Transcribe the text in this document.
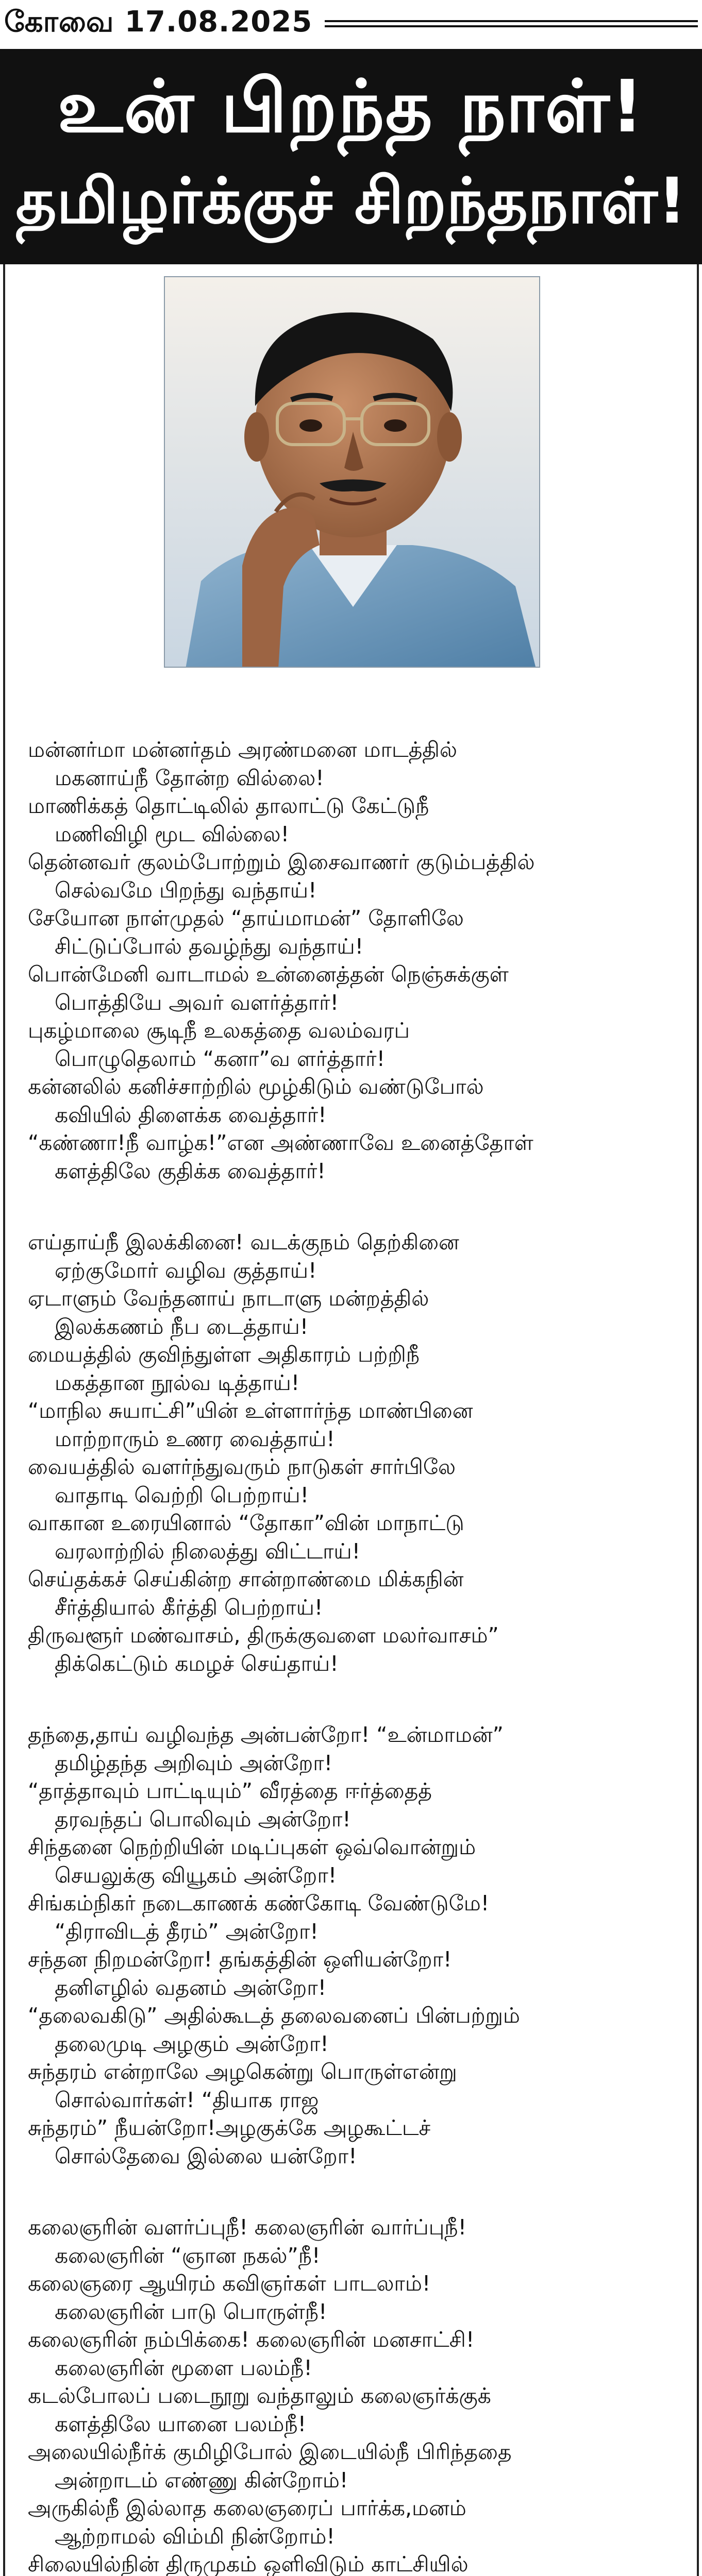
கோவை 17.08.2025
உன் பிறந்த நாள்!
தமிழர்க்குச் சிறந்தநாள்!
மன்னர்மா மன்னர்தம் அரண்மனை மாடத்தில்
மகனாய்நீ தோன்ற வில்லை!
மாணிக்கத் தொட்டிலில் தாலாட்டு கேட்டுநீ
மணிவிழி மூட வில்லை!
தென்னவர் குலம்போற்றும் இசைவாணர் குடும்பத்தில்
செல்வமே பிறந்து வந்தாய்!
சேயோன நாள்முதல் “தாய்மாமன்” தோளிலே
சிட்டுப்போல் தவழ்ந்து வந்தாய்!
பொன்மேனி வாடாமல் உன்னைத்தன் நெஞ்சுக்குள்
பொத்தியே அவர் வளர்த்தார்!
புகழ்மாலை சூடிநீ உலகத்தை வலம்வரப்
பொழுதெலாம் “கனா”வ ளர்த்தார்!
கன்னலில் கனிச்சாற்றில் மூழ்கிடும் வண்டுபோல்
கவியில் திளைக்க வைத்தார்!
“கண்ணா!நீ வாழ்க!”என அண்ணாவே உனைத்தோள்
களத்திலே குதிக்க வைத்தார்!
எய்தாய்நீ இலக்கினை! வடக்குநம் தெற்கினை
ஏற்குமோர் வழிவ குத்தாய்!
ஏடாளும் வேந்தனாய் நாடாளு மன்றத்தில்
இலக்கணம் நீப டைத்தாய்!
மையத்தில் குவிந்துள்ள அதிகாரம் பற்றிநீ
மகத்தான நூல்வ டித்தாய்!
“மாநில சுயாட்சி”யின் உள்ளார்ந்த மாண்பினை
மாற்றாரும் உணர வைத்தாய்!
வையத்தில் வளர்ந்துவரும் நாடுகள் சார்பிலே
வாதாடி வெற்றி பெற்றாய்!
வாகான உரையினால் “தோகா”வின் மாநாட்டு
வரலாற்றில் நிலைத்து விட்டாய்!
செய்தக்கச் செய்கின்ற சான்றாண்மை மிக்கநின்
சீர்த்தியால் கீர்த்தி பெற்றாய்!
திருவளூர் மண்வாசம், திருக்குவளை மலர்வாசம்”
திக்கெட்டும் கமழச் செய்தாய்!
தந்தை,தாய் வழிவந்த அன்பன்றோ! “உன்மாமன்”
தமிழ்தந்த அறிவும் அன்றோ!
“தாத்தாவும் பாட்டியும்” வீரத்தை ஈர்த்தைத்
தரவந்தப் பொலிவும் அன்றோ!
சிந்தனை நெற்றியின் மடிப்புகள் ஒவ்வொன்றும்
செயலுக்கு வியூகம் அன்றோ!
சிங்கம்நிகர் நடைகாணக் கண்கோடி வேண்டுமே!
“திராவிடத் தீரம்” அன்றோ!
சந்தன நிறமன்றோ! தங்கத்தின் ஒளியன்றோ!
தனிஎழில் வதனம் அன்றோ!
“தலைவகிடு” அதில்கூடத் தலைவனைப் பின்பற்றும்
தலைமுடி அழகும் அன்றோ!
சுந்தரம் என்றாலே அழகென்று பொருள்என்று
சொல்வார்கள்! “தியாக ராஜ
சுந்தரம்” நீயன்றோ!அழகுக்கே அழகூட்டச்
சொல்தேவை இல்லை யன்றோ!
கலைஞரின் வளர்ப்புநீ! கலைஞரின் வார்ப்புநீ!
கலைஞரின் “ஞான நகல்”நீ!
கலைஞரை ஆயிரம் கவிஞர்கள் பாடலாம்!
கலைஞரின் பாடு பொருள்நீ!
கலைஞரின் நம்பிக்கை! கலைஞரின் மனசாட்சி!
கலைஞரின் மூளை பலம்நீ!
கடல்போலப் படைநூறு வந்தாலும் கலைஞர்க்குக்
களத்திலே யானை பலம்நீ!
அலையில்நீர்க் குமிழிபோல் இடையில்நீ பிரிந்ததை
அன்றாடம் எண்ணு கின்றோம்!
அருகில்நீ இல்லாத கலைஞரைப் பார்க்க,மனம்
ஆற்றாமல் விம்மி நின்றோம்!
சிலையில்நின் திருமுகம் ஒளிவிடும் காட்சியில்
